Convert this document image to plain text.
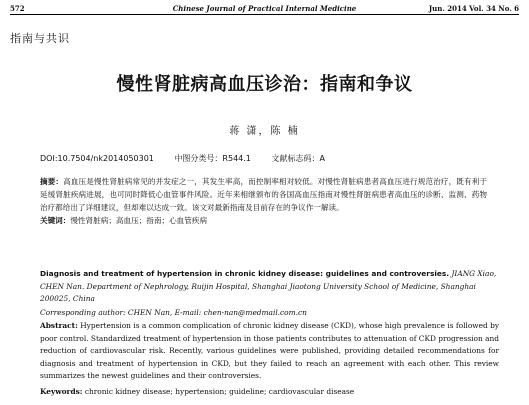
572	Chinese Journal of Practical Internal Medicine	Jun. 2014 Vol. 34 No. 6
指南与共识
慢性肾脏病高血压诊治：指南和争议
蒋 潇，陈 楠
DOI:10.7504/nk2014050301	中图分类号：R544.1	文献标志码：A
摘要：高血压是慢性肾脏病常见的并发症之一，其发生率高，而控制率相对较低。对慢性肾脏病患者高血压进行规范治疗，既有利于延缓肾脏疾病进展，也可同时降低心血管事件风险。近年来相继颁布的各国高血压指南对慢性肾脏病患者高血压的诊断、监测、药物治疗都给出了详细建议，但却难以达成一致。该文对最新指南及目前存在的争议作一解读。
关键词：慢性肾脏病；高血压；指南；心血管疾病
Diagnosis and treatment of hypertension in chronic kidney disease: guidelines and controversies. JIANG Xiao, CHEN Nan. Department of Nephrology, Ruijin Hospital, Shanghai Jiaotong University School of Medicine, Shanghai 200025, China
Corresponding author: CHEN Nan, E-mail: chen-nan@medmail.com.cn
Abstract: Hypertension is a common complication of chronic kidney disease (CKD), whose high prevalence is followed by poor control. Standardized treatment of hypertension in those patients contributes to attenuation of CKD progression and reduction of cardiovascular risk. Recently, various guidelines were published, providing detailed recommendations for diagnosis and treatment of hypertension in CKD, but they failed to reach an agreement with each other. This review summarizes the newest guidelines and their controversies.
Keywords: chronic kidney disease; hypertension; guideline; cardiovascular disease
